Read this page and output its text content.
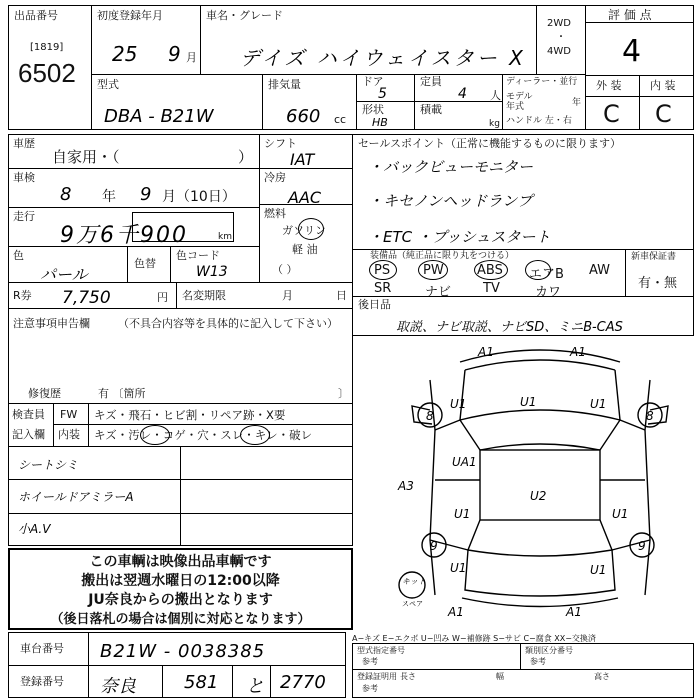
出品番号
[1819]
6502
初度登録年月
25 9 月
車名・グレード
デイズ ハイウェイスター X
2WD
・
4WD
評 価 点
4
外 装	内 装
C C
型式
DBA - B21W
排気量
660 cc
ドア
5
定員
4 人
ディーラー・並行
モデル年式	年
ハンドル 左・右
形状
HB
積載
kg
車歴
自家用・（	）
シフト
IAT
車検
8 年 9 月（10日）
冷房
AAC
走行
9万6千900	km
燃料
ガソリン
軽 油
（ ）
色
パール
色替
色コード
W13
R券 7,750	円 名変期限	月	日
セールスポイント（正常に機能するものに限ります）
・バックビューモニター
・キセノンヘッドランプ
・ETC ・プッシュスタート
装備品（純正品に限り丸をつける）
PS	PW	ABS エアB AW
SR	ナビ TV	カワ
新車保証書
有・無
後日品
取説、ナビ取説、ナビSD、ミニB-CAS
注意事項申告欄	（不具合内容等を具体的に記入して下さい）
修復歴	有 〔箇所	〕
検査員
記入欄
FW キズ・飛石・ヒビ割・リペア跡・X要
内装 キズ・汚レ・コゲ・穴・スレ・キレ・破レ
シートシミ
ホイールドアミラーA
小A.V
この車輌は映像出品車輌です
搬出は翌週水曜日の12:00以降
JU奈良からの搬出となります
（後日落札の場合は個別に対応となります）
A1	A1
U1	U1	U1
8	8
UA1
U2
A3
U1	U1
9	9
U1	U1
A1	A1
キット
スペア
車台番号 B21W - 0038385
登録番号 奈良	581 と 2770
A−キズ E−エクボ U−凹み W−補修跡 S−サビ C−腐食 XX−交換済
型式指定番号
参考
類別区分番号
参考
登録証明用
参考
長さ	幅	高さ
